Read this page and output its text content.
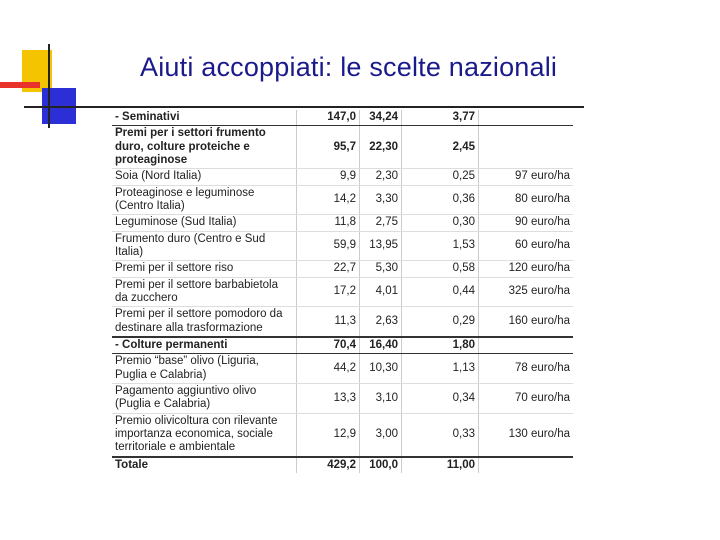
Aiuti accoppiati: le scelte nazionali
- Seminativi	147,0	34,24	3,77	
Premi per i settori frumento duro, colture proteiche e proteaginose	95,7	22,30	2,45	
Soia (Nord Italia)	9,9	2,30	0,25	97 euro/ha
Proteaginose e leguminose (Centro Italia)	14,2	3,30	0,36	80 euro/ha
Leguminose (Sud Italia)	11,8	2,75	0,30	90 euro/ha
Frumento duro (Centro e Sud Italia)	59,9	13,95	1,53	60 euro/ha
Premi per il settore riso	22,7	5,30	0,58	120 euro/ha
Premi per il settore barbabietola da zucchero	17,2	4,01	0,44	325 euro/ha
Premi per il settore pomodoro da destinare alla trasformazione	11,3	2,63	0,29	160 euro/ha
- Colture permanenti	70,4	16,40	1,80	
Premio “base” olivo (Liguria, Puglia e Calabria)	44,2	10,30	1,13	78 euro/ha
Pagamento aggiuntivo olivo (Puglia e Calabria)	13,3	3,10	0,34	70 euro/ha
Premio olivicoltura con rilevante importanza economica, sociale territoriale e ambientale	12,9	3,00	0,33	130 euro/ha
Totale	429,2	100,0	11,00	
